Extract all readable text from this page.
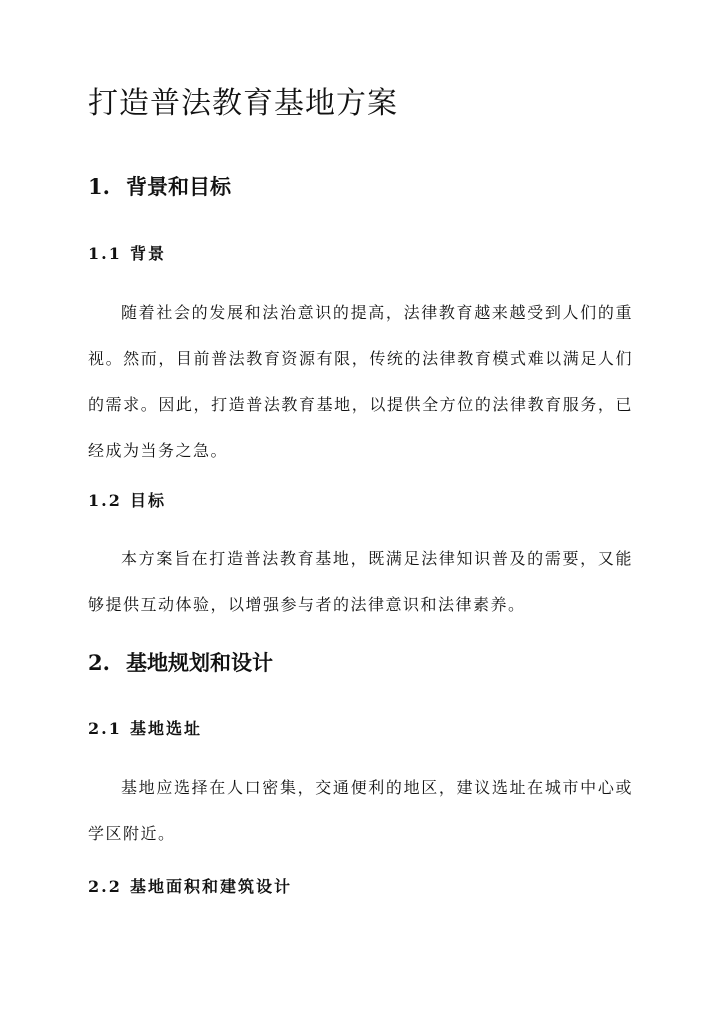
打造普法教育基地方案
1. 背景和目标
1.1 背景

随着社会的发展和法治意识的提高，法律教育越来越受到人们的重视。然而，目前普法教育资源有限，传统的法律教育模式难以满足人们的需求。因此，打造普法教育基地，以提供全方位的法律教育服务，已经成为当务之急。

1.2 目标

本方案旨在打造普法教育基地，既满足法律知识普及的需要，又能够提供互动体验，以增强参与者的法律意识和法律素养。

2. 基地规划和设计
2.1 基地选址

基地应选择在人口密集，交通便利的地区，建议选址在城市中心或学区附近。

2.2 基地面积和建筑设计
